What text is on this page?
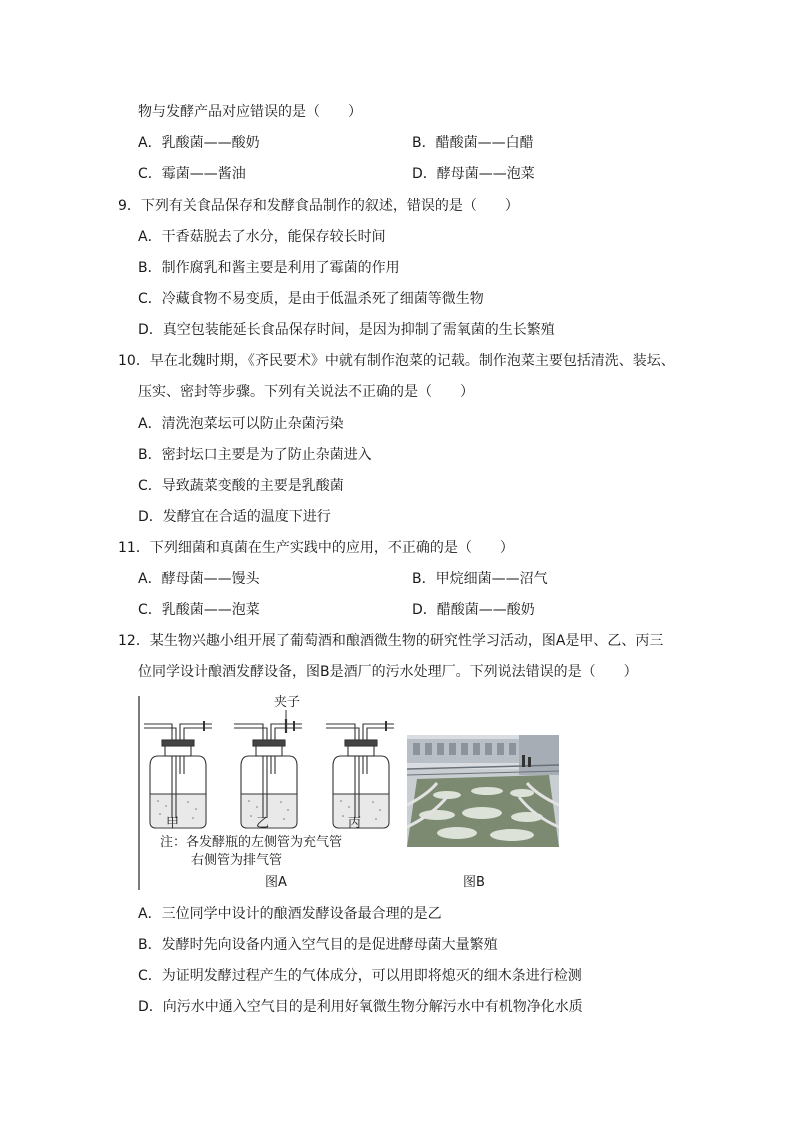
物与发酵产品对应错误的是（　　）
A．乳酸菌——酸奶	B．醋酸菌——白醋
C．霉菌——酱油	D．酵母菌——泡菜
9．下列有关食品保存和发酵食品制作的叙述，错误的是（　　）
A．干香菇脱去了水分，能保存较长时间
B．制作腐乳和酱主要是利用了霉菌的作用
C．冷藏食物不易变质，是由于低温杀死了细菌等微生物
D．真空包装能延长食品保存时间，是因为抑制了需氧菌的生长繁殖
10．早在北魏时期，《齐民要术》中就有制作泡菜的记载。制作泡菜主要包括清洗、装坛、
压实、密封等步骤。下列有关说法不正确的是（　　）
A．清洗泡菜坛可以防止杂菌污染
B．密封坛口主要是为了防止杂菌进入
C．导致蔬菜变酸的主要是乳酸菌
D．发酵宜在合适的温度下进行
11．下列细菌和真菌在生产实践中的应用，不正确的是（　　）
A．酵母菌——馒头	B．甲烷细菌——沼气
C．乳酸菌——泡菜	D．醋酸菌——酸奶
12．某生物兴趣小组开展了葡萄酒和酿酒微生物的研究性学习活动，图A是甲、乙、丙三
位同学设计酿酒发酵设备，图B是酒厂的污水处理厂。下列说法错误的是（　　）
夹子
甲	乙	丙
注：各发酵瓶的左侧管为充气管
右侧管为排气管
图A	图B
A．三位同学中设计的酿酒发酵设备最合理的是乙
B．发酵时先向设备内通入空气目的是促进酵母菌大量繁殖
C．为证明发酵过程产生的气体成分，可以用即将熄灭的细木条进行检测
D．向污水中通入空气目的是利用好氧微生物分解污水中有机物净化水质
